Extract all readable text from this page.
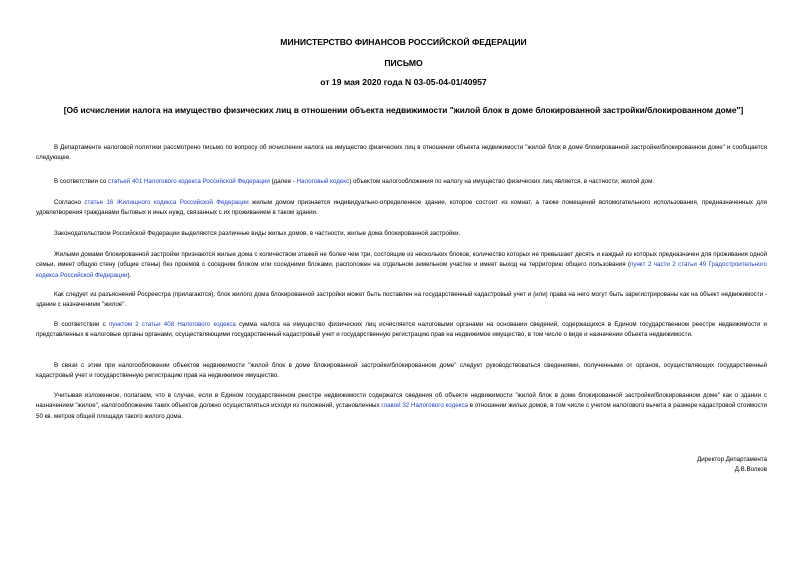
МИНИСТЕРСТВО ФИНАНСОВ РОССИЙСКОЙ ФЕДЕРАЦИИ
ПИСЬМО
от 19 мая 2020 года N 03-05-04-01/40957
[Об исчислении налога на имущество физических лиц в отношении объекта недвижимости "жилой блок в доме блокированной застройки/блокированном доме"]

В Департаменте налоговой политики рассмотрено письмо по вопросу об исчислении налога на имущество физических лиц в отношении объекта недвижимости "жилой блок в доме блокированной застройки/блокированном доме" и сообщается следующее.

В соответствии со статьей 401 Налогового кодекса Российской Федерации (далее - Налоговый кодекс) объектом налогообложения по налогу на имущество физических лиц является, в частности, жилой дом.

Согласно статье 16 Жилищного кодекса Российской Федерации жилым домом признается индивидуально-определенное здание, которое состоит из комнат, а также помещений вспомогательного использования, предназначенных для удовлетворения гражданами бытовых и иных нужд, связанных с их проживанием в таком здании.

Законодательством Российской Федерации выделяются различные виды жилых домов, в частности, жилые дома блокированной застройки.

Жилыми домами блокированной застройки признаются жилые дома с количеством этажей не более чем три, состоящие из нескольких блоков, количество которых не превышает десять и каждый из которых предназначен для проживания одной семьи, имеет общую стену (общие стены) без проемов с соседним блоком или соседними блоками, расположен на отдельном земельном участке и имеет выход на территорию общего пользования (пункт 2 части 2 статьи 49 Градостроительного кодекса Российской Федерации).

Как следует из разъяснений Росреестра (прилагаются), блок жилого дома блокированной застройки может быть поставлен на государственный кадастровый учет и (или) права на него могут быть зарегистрированы как на объект недвижимости - здание с назначением "жилое".

В соответствии с пунктом 2 статьи 408 Налогового кодекса сумма налога на имущество физических лиц исчисляется налоговыми органами на основании сведений, содержащихся в Едином государственном реестре недвижимости и представленных в налоговые органы органами, осуществляющими государственный кадастровый учет и государственную регистрацию прав на недвижимое имущество, в том числе о виде и назначении объекта недвижимости.

В связи с этим при налогообложении объектов недвижимости "жилой блок в доме блокированной застройки/блокированном доме" следует руководствоваться сведениями, полученными от органов, осуществляющих государственный кадастровый учет и государственную регистрацию прав на недвижимое имущество.

Учитывая изложенное, полагаем, что в случае, если в Едином государственном реестре недвижимости содержатся сведения об объекте недвижимости "жилой блок в доме блокированной застройки/блокированном доме" как о здании с назначением "жилое", налогообложение таких объектов должно осуществляться исходя из положений, установленных главой 32 Налогового кодекса в отношении жилых домов, в том числе с учетом налогового вычета в размере кадастровой стоимости 50 кв. метров общей площади такого жилого дома.

Директор Департамента
Д.В.Волков
